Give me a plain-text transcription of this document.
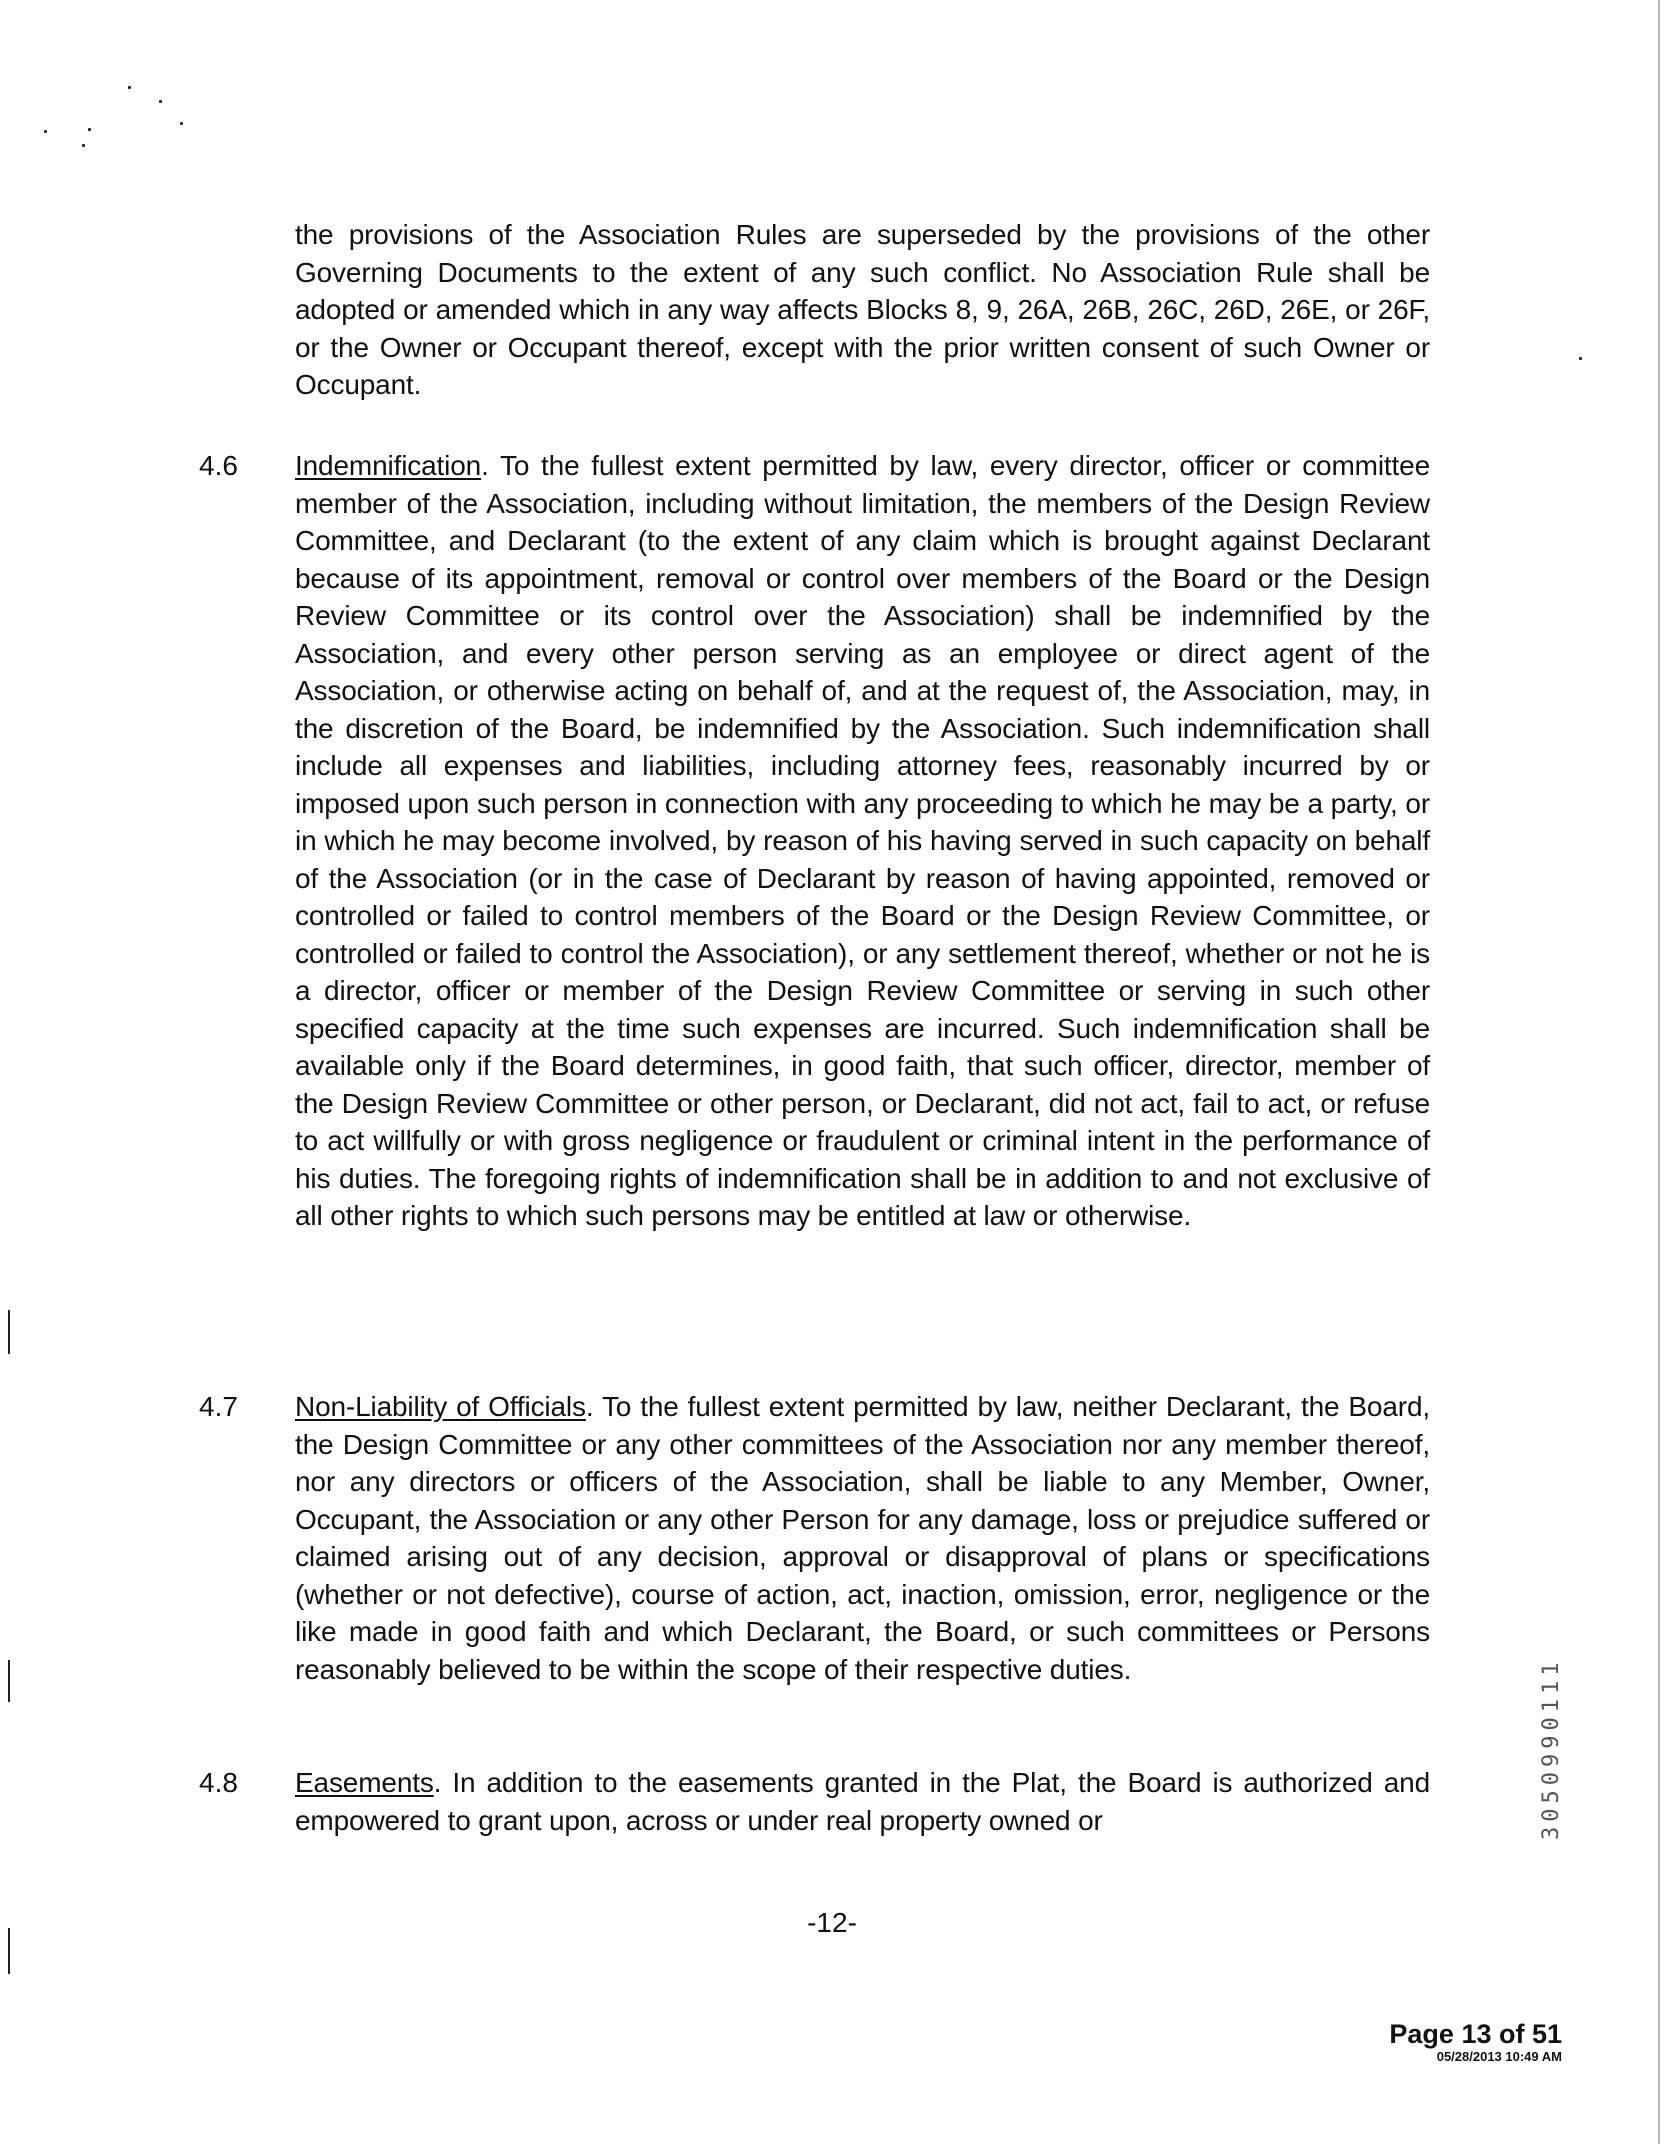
the provisions of the Association Rules are superseded by the provisions of the other Governing Documents to the extent of any such conflict. No Association Rule shall be adopted or amended which in any way affects Blocks 8, 9, 26A, 26B, 26C, 26D, 26E, or 26F, or the Owner or Occupant thereof, except with the prior written consent of such Owner or Occupant.
4.6 Indemnification. To the fullest extent permitted by law, every director, officer or committee member of the Association, including without limitation, the members of the Design Review Committee, and Declarant (to the extent of any claim which is brought against Declarant because of its appointment, removal or control over members of the Board or the Design Review Committee or its control over the Association) shall be indemnified by the Association, and every other person serving as an employee or direct agent of the Association, or otherwise acting on behalf of, and at the request of, the Association, may, in the discretion of the Board, be indemnified by the Association. Such indemnification shall include all expenses and liabilities, including attorney fees, reasonably incurred by or imposed upon such person in connection with any proceeding to which he may be a party, or in which he may become involved, by reason of his having served in such capacity on behalf of the Association (or in the case of Declarant by reason of having appointed, removed or controlled or failed to control members of the Board or the Design Review Committee, or controlled or failed to control the Association), or any settlement thereof, whether or not he is a director, officer or member of the Design Review Committee or serving in such other specified capacity at the time such expenses are incurred. Such indemnification shall be available only if the Board determines, in good faith, that such officer, director, member of the Design Review Committee or other person, or Declarant, did not act, fail to act, or refuse to act willfully or with gross negligence or fraudulent or criminal intent in the performance of his duties. The foregoing rights of indemnification shall be in addition to and not exclusive of all other rights to which such persons may be entitled at law or otherwise.
4.7 Non-Liability of Officials. To the fullest extent permitted by law, neither Declarant, the Board, the Design Committee or any other committees of the Association nor any member thereof, nor any directors or officers of the Association, shall be liable to any Member, Owner, Occupant, the Association or any other Person for any damage, loss or prejudice suffered or claimed arising out of any decision, approval or disapproval of plans or specifications (whether or not defective), course of action, act, inaction, omission, error, negligence or the like made in good faith and which Declarant, the Board, or such committees or Persons reasonably believed to be within the scope of their respective duties.
4.8 Easements. In addition to the easements granted in the Plat, the Board is authorized and empowered to grant upon, across or under real property owned or	3050990111
-12-
Page 13 of 51
05/28/2013 10:49 AM
